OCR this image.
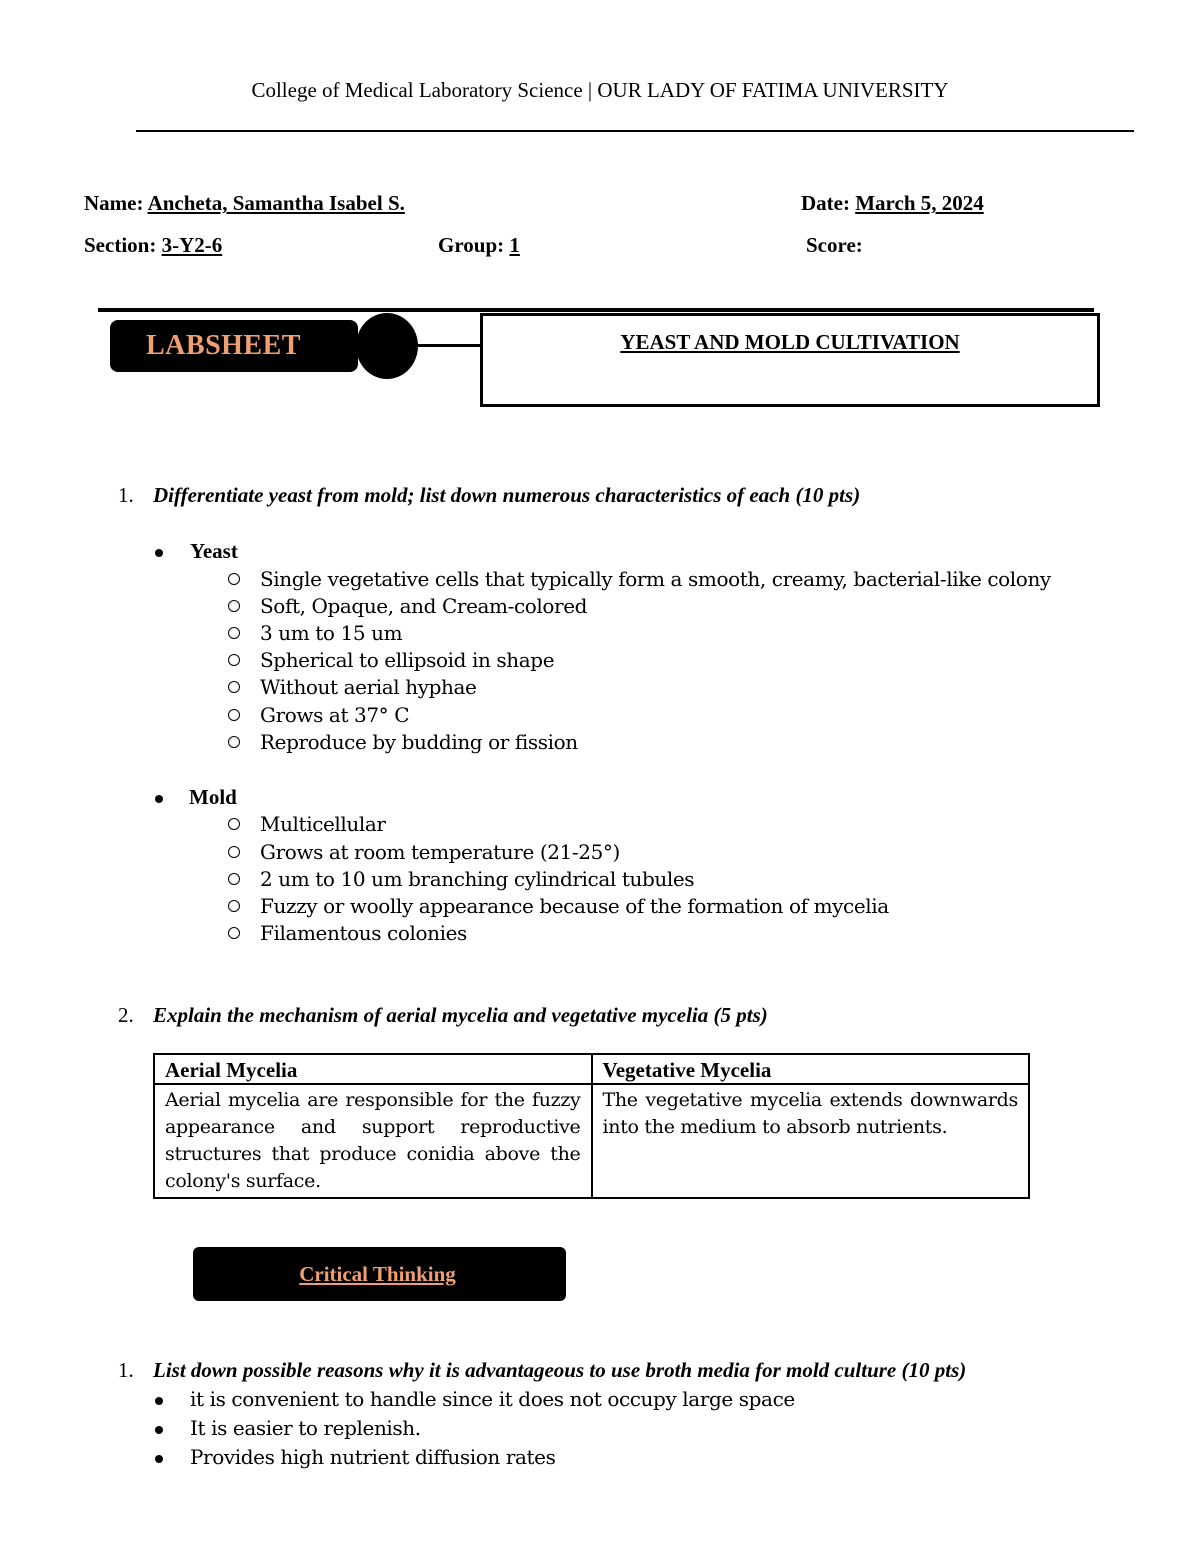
College of Medical Laboratory Science | OUR LADY OF FATIMA UNIVERSITY
Name: Ancheta, Samantha Isabel S.	Date: March 5, 2024
Section: 3-Y2-6	Group: 1	Score:
LABSHEET	YEAST AND MOLD CULTIVATION
1. Differentiate yeast from mold; list down numerous characteristics of each (10 pts)
Yeast
Single vegetative cells that typically form a smooth, creamy, bacterial-like colony
Soft, Opaque, and Cream-colored
3 um to 15 um
Spherical to ellipsoid in shape
Without aerial hyphae
Grows at 37° C
Reproduce by budding or fission
Mold
Multicellular
Grows at room temperature (21-25°)
2 um to 10 um branching cylindrical tubules
Fuzzy or woolly appearance because of the formation of mycelia
Filamentous colonies
2. Explain the mechanism of aerial mycelia and vegetative mycelia (5 pts)
Aerial Mycelia	Vegetative Mycelia
Aerial mycelia are responsible for the fuzzy appearance and support reproductive structures that produce conidia above the colony's surface.	The vegetative mycelia extends downwards into the medium to absorb nutrients.
Critical Thinking
1. List down possible reasons why it is advantageous to use broth media for mold culture (10 pts)
it is convenient to handle since it does not occupy large space
It is easier to replenish.
Provides high nutrient diffusion rates
